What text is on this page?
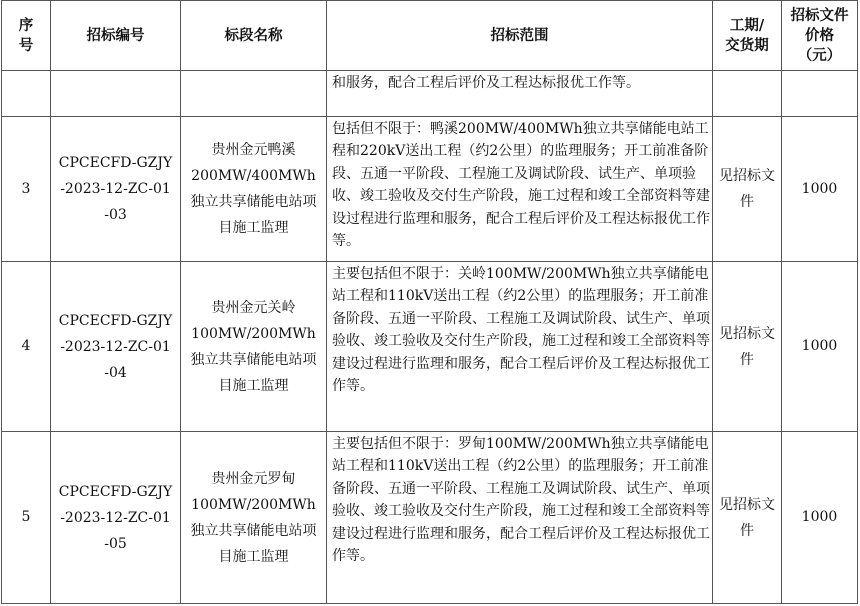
序号	招标编号	标段名称	招标范围	工期/交货期	招标文件价格（元）

			和服务，配合工程后评价及工程达标报优工作等。		

3	CPCECFD-GZJY-2023-12-ZC-01-03	贵州金元鸭溪200MW/400MWh独立共享储能电站项目施工监理	包括但不限于：鸭溪200MW/400MWh独立共享储能电站工程和220kV送出工程（约2公里）的监理服务；开工前准备阶段、五通一平阶段、工程施工及调试阶段、试生产、单项验收、竣工验收及交付生产阶段，施工过程和竣工全部资料等建设过程进行监理和服务，配合工程后评价及工程达标报优工作等。	见招标文件	1000
4	CPCECFD-GZJY-2023-12-ZC-01-04	贵州金元关岭100MW/200MWh独立共享储能电站项目施工监理	主要包括但不限于：关岭100MW/200MWh独立共享储能电站工程和110kV送出工程（约2公里）的监理服务；开工前准备阶段、五通一平阶段、工程施工及调试阶段、试生产、单项验收、竣工验收及交付生产阶段，施工过程和竣工全部资料等建设过程进行监理和服务，配合工程后评价及工程达标报优工作等。	见招标文件	1000
5	CPCECFD-GZJY-2023-12-ZC-01-05	贵州金元罗甸100MW/200MWh独立共享储能电站项目施工监理	主要包括但不限于：罗甸100MW/200MWh独立共享储能电站工程和110kV送出工程（约2公里）的监理服务；开工前准备阶段、五通一平阶段、工程施工及调试阶段、试生产、单项验收、竣工验收及交付生产阶段，施工过程和竣工全部资料等建设过程进行监理和服务，配合工程后评价及工程达标报优工作等。	见招标文件	1000
